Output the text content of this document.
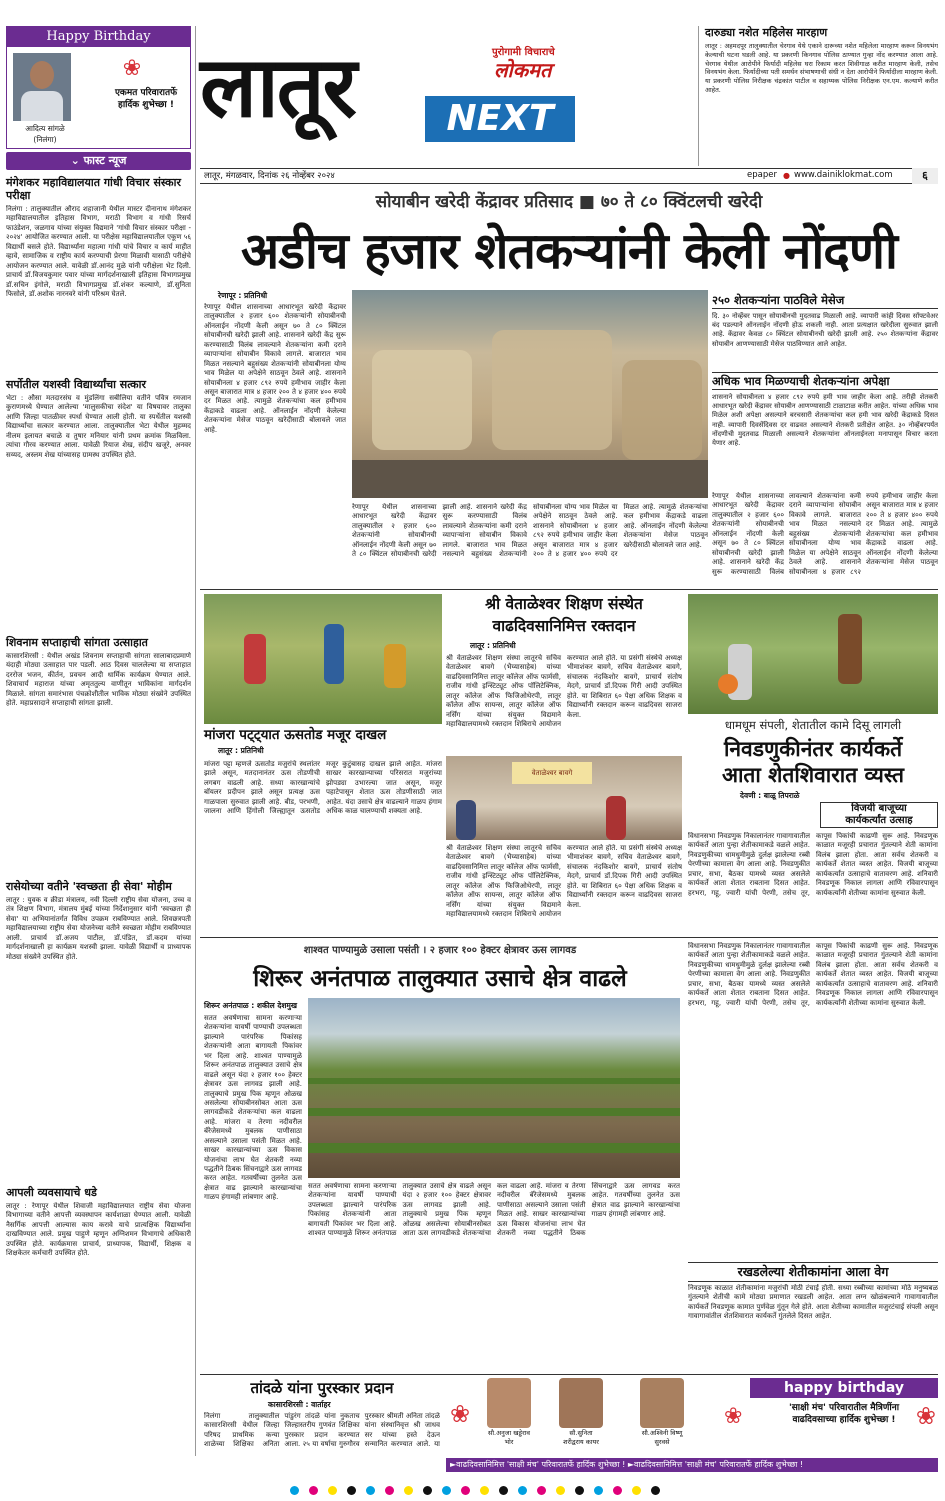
Happy Birthday
❀
एकमत परिवारातर्फे हार्दिक शुभेच्छा !
आदित्य सांगळे
(निलंगा)
⌄ फास्ट न्यूज
मंगेशकर महाविद्यालयात गांधी विचार संस्कार परीक्षा
निलंगा : तालुक्यातील औराद शहाजानी येथील मास्टर दीनानाथ मंगेशकर महाविद्यालयातील इतिहास विभाग, मराठी विभाग व गांधी रिसर्च फाउंडेशन, जळगाव यांच्या संयुक्त विद्यमाने 'गांधी विचार संस्कार परीक्षा - २०२४' आयोजित करण्यात आली. या परीक्षेस महाविद्यालयातील एकूण ५६ विद्यार्थी बसले होते. विद्यार्थ्यांना महात्मा गांधी यांचे विचार व कार्य माहीत व्हावे, सामाजिक व राष्ट्रीय कार्य करण्याची प्रेरणा मिळावी यासाठी परीक्षेचे आयोजन करण्यात आले. यावेळी डॉ.आनंद मुळे यांनी परीक्षेला भेट दिली. प्राचार्य डॉ.विजयकुमार पवार यांच्या मार्गदर्शनाखाली इतिहास विभागप्रमुख डॉ.सचिन इंगोले, मराठी विभागप्रमुख डॉ.शंकर कल्याणे, डॉ.सुनिता फिसोले, डॉ.अशोक नारनवरे यांनी परिश्रम घेतले.
सर्पोतील यशस्वी विद्यार्थ्यांचा सत्कार
भेटा : औसा मतदारसंघ व मुंडलिंगा सबीलिया वतीने पवित्र रमजान कुराणमध्ये घेण्यात आलेल्या 'मालुसकीचा संदेश' या विषयावर तालुका आणि जिल्हा पातळीवर स्पर्धा घेण्यात आली होती. या स्पर्धेतील यशस्वी विद्यार्थ्यांचा सत्कार करण्यात आला. तालुक्यातील भेटा येथील मुहम्मद नीलम इलायत बचाळे व तुषार मनियार यांनी प्रथम क्रमांक मिळविला. त्यांचा गौरव करण्यात आला. यावेळी रियाज शेख, संदीप खजूरे, अनवर सय्यद, अस्लम शेख यांच्यासह ग्रामस्थ उपस्थित होते.
शिवनाम सप्ताहाची सांगता उत्साहात
कासारशिरसी : येथील अखंड शिवनाम सप्ताहाची सांगता सालाबादप्रमाणे यंदाही मोठ्या उत्साहात पार पडली. आठ दिवस चाललेल्या या सप्ताहात दररोज भजन, कीर्तन, प्रवचन आदी धार्मिक कार्यक्रम घेण्यात आले. शिवाचार्य महाराज यांच्या अमृततुल्य वाणीतून भाविकांना मार्गदर्शन मिळाले. सांगता समारंभास पंचक्रोशीतील भाविक मोठ्या संख्येने उपस्थित होते. महाप्रसादाने सप्ताहाची सांगता झाली.
रासेयोच्या वतीने 'स्वच्छता ही सेवा' मोहीम
लातूर : युवक व क्रीडा मंत्रालय, नवी दिल्ली राष्ट्रीय सेवा योजना, उच्च व तंत्र शिक्षण विभाग, मंत्रालय मुंबई यांच्या निर्देशानुसार यांनी 'स्वच्छता ही सेवा' या अभियानांतर्गत विविध उपक्रम राबविण्यात आले. शिवछत्रपती महाविद्यालयाच्या राष्ट्रीय सेवा योजनेच्या वतीने स्वच्छता मोहीम राबविण्यात आली. प्राचार्य डॉ.अजय पाटील, डॉ.पंडित, डॉ.कदम यांच्या मार्गदर्शनाखाली हा कार्यक्रम यशस्वी झाला. यावेळी विद्यार्थी व प्राध्यापक मोठ्या संख्येने उपस्थित होते.
आपली व्यवसायाचे धडे
लातूर : रेणापूर येथील शिवाजी महाविद्यालयात राष्ट्रीय सेवा योजना विभागाच्या वतीने आपत्ती व्यवस्थापन कार्यशाळा घेण्यात आली. यावेळी नैसर्गिक आपत्ती आल्यास काय करावे याचे प्रात्यक्षिक विद्यार्थ्यांना दाखविण्यात आले. प्रमुख पाहुणे म्हणून अग्निशमन विभागाचे अधिकारी उपस्थित होते. कार्यक्रमास प्राचार्य, प्राध्यापक, विद्यार्थी, शिक्षक व शिक्षकेतर कर्मचारी उपस्थित होते.
लातूर	पुरोगामी विचाराचे
लोकमत
NEXT
दारुड्या नशेत महिलेस मारहाण
लातूर : अहमदपूर तालुक्यातील चेरगाव येथे एकाने दारूच्या नशेत महिलेला मारहाण करून विनयभंग केल्याची घटना घडली आहे. या प्रकरणी किनगाव पोलिस ठाण्यात गुन्हा नोंद करण्यात आला आहे. चेरगाव येथील आरोपीने फिर्यादी महिलेस घरा रिकाम करत शिवीगाळ करीत मारहाण केली, तसेच विनयभंग केला. फिर्यादीच्या पती समर्थन संभाषणाची संधी न देता आरोपीने फिर्यादीला मारहाण केली. या प्रकरणी पोलिस निरीक्षक चंद्रकांत पाटील व सहाय्यक पोलिस निरीक्षक एन.एम. कल्याणे करीत आहेत.
लातूर, मंगळवार, दिनांक २६ नोव्हेंबर २०२४	epaper ● www.dainiklokmat.com	६
सोयाबीन खरेदी केंद्रावर प्रतिसाद ■ ७० ते ८० क्विंटलची खरेदी
अडीच हजार शेतकऱ्यांनी केली नोंदणी
रेणापूर : प्रतिनिधी
रेणापूर येथील शासनाच्या आधारभूत खरेदी केंद्रावर तालुक्यातील २ हजार ६०० शेतकऱ्यांनी सोयाबीनची ऑनलाईन नोंदणी केली असून ७० ते ८० क्विंटल सोयाबीनची खरेदी झाली आहे. शासनाने खरेदी केंद्र सुरू करण्यासाठी विलंब लावल्याने शेतकऱ्यांना कमी दराने व्यापाऱ्यांना सोयाबीन विकावे लागले. बाजारात भाव मिळत नसल्याने बहुसंख्य शेतकऱ्यांनी सोयाबीनला योग्य भाव मिळेल या अपेक्षेने साठवून ठेवले आहे. शासनाने सोयाबीनला ४ हजार ८९२ रुपये हमीभाव जाहीर केला असून बाजारात मात्र ४ हजार २०० ते ४ हजार ४०० रुपये दर मिळत आहे. त्यामुळे शेतकऱ्यांचा कल हमीभाव केंद्राकडे वाढला आहे. ऑनलाईन नोंदणी केलेल्या शेतकऱ्यांना मेसेज पाठवून खरेदीसाठी बोलावले जात आहे.
रेणापूर येथील शासनाच्या आधारभूत खरेदी केंद्रावर तालुक्यातील २ हजार ६०० शेतकऱ्यांनी सोयाबीनची ऑनलाईन नोंदणी केली असून ७० ते ८० क्विंटल सोयाबीनची खरेदी झाली आहे. शासनाने खरेदी केंद्र सुरू करण्यासाठी विलंब लावल्याने शेतकऱ्यांना कमी दराने व्यापाऱ्यांना सोयाबीन विकावे लागले. बाजारात भाव मिळत नसल्याने बहुसंख्य शेतकऱ्यांनी सोयाबीनला योग्य भाव मिळेल या अपेक्षेने साठवून ठेवले आहे. शासनाने सोयाबीनला ४ हजार ८९२ रुपये हमीभाव जाहीर केला असून बाजारात मात्र ४ हजार २०० ते ४ हजार ४०० रुपये दर मिळत आहे. त्यामुळे शेतकऱ्यांचा कल हमीभाव केंद्राकडे वाढला आहे. ऑनलाईन नोंदणी केलेल्या शेतकऱ्यांना मेसेज पाठवून खरेदीसाठी बोलावले जात आहे.
२५० शेतकऱ्यांना पाठविले मेसेज
दि. ३० नोव्हेंबर पासून सोयाबीनची मुदतवाढ मिळाली आहे. व्यापारी कांही दिवस सॉफ्टवेअर बंद पडल्याने ऑनलाईन नोंदणी होऊ शकली नाही. आता प्रत्यक्षात खरेदीला सुरुवात झाली आहे. केंद्रावर केवळ ८० क्विंटल सोयाबीनची खरेदी झाली आहे. २५० शेतकऱ्यांना केंद्रावर सोयाबीन आणण्यासाठी मेसेज पाठविण्यात आले आहेत.
अधिक भाव मिळण्याची शेतकऱ्यांना अपेक्षा
शासनाने सोयाबीनला ४ हजार ८९२ रुपये हमी भाव जाहीर केला आहे. तरीही शेतकरी आधारभूत खरेदी केंद्रावर सोयाबीन आणण्यासाठी टाळाटाळ करीत आहेत. यांच्या अधिक भाव मिळेल अशी अपेक्षा असल्याने बरचसारी शेतकऱ्यांचा कल हमी भाव खरेदी केंद्राकडे दिसत नाही. व्यापारी दिवसेंदिवस दर वाढवत असल्याने शेतकरी प्रतीक्षेत आहेत. ३० नोव्हेंबरपर्यंत नोंदणीची मुदतवाढ मिळाली असल्याने शेतकऱ्यांना ऑनलाईनला मनापासून विचार करता येणार आहे.
रेणापूर येथील शासनाच्या आधारभूत खरेदी केंद्रावर तालुक्यातील २ हजार ६०० शेतकऱ्यांनी सोयाबीनची ऑनलाईन नोंदणी केली असून ७० ते ८० क्विंटल सोयाबीनची खरेदी झाली आहे. शासनाने खरेदी केंद्र सुरू करण्यासाठी विलंब लावल्याने शेतकऱ्यांना कमी दराने व्यापाऱ्यांना सोयाबीन विकावे लागले. बाजारात भाव मिळत नसल्याने बहुसंख्य शेतकऱ्यांनी सोयाबीनला योग्य भाव मिळेल या अपेक्षेने साठवून ठेवले आहे. शासनाने सोयाबीनला ४ हजार ८९२ रुपये हमीभाव जाहीर केला असून बाजारात मात्र ४ हजार २०० ते ४ हजार ४०० रुपये दर मिळत आहे. त्यामुळे शेतकऱ्यांचा कल हमीभाव केंद्राकडे वाढला आहे. ऑनलाईन नोंदणी केलेल्या शेतकऱ्यांना मेसेज पाठवून
मांजरा पट्ट्यात ऊसतोड मजूर दाखल
लातूर : प्रतिनिधी
मांजरा पट्टा म्हणजे ऊसतोड मजुरांचे स्थलांतर झाले असून, मतदानानंतर ऊस तोडणीची लगबग वाढली आहे. सध्या कारखान्यांचे बॉयलर प्रदीपन झाले असून प्रत्यक्ष ऊस गाळपाला सुरुवात झाली आहे. बीड, परभणी, जालना आणि हिंगोली जिल्ह्यातून ऊसतोड मजूर कुटुंबासह दाखल झाले आहेत. मांजरा साखर कारखान्याच्या परिसरात मजुरांच्या झोपड्या उभारल्या जात असून, मजूर पहाटेपासून शेतात ऊस तोडणीसाठी जात आहेत. यंदा उसाचे क्षेत्र वाढल्याने गाळप हंगाम अधिक काळ चालण्याची शक्यता आहे.
श्री वेताळेश्वर शिक्षण संस्थेत
वाढदिवसानिमित्त रक्तदान
लातूर : प्रतिनिधी
श्री वेताळेश्वर शिक्षण संस्था लातूरचे सचिव वेताळेश्वर बावगे (भैय्यासाहेब) यांच्या वाढदिवसानिमित्त लातूर कॉलेज ऑफ फार्मसी, राजीव गांधी इन्स्टिट्यूट ऑफ पॉलिटेक्निक, लातूर कॉलेज ऑफ फिजिओथेरपी, लातूर कॉलेज ऑफ सायन्स, लातूर कॉलेज ऑफ नर्सिंग यांच्या संयुक्त विद्यमाने महाविद्यालयामध्ये रक्तदान शिबिराचे आयोजन करण्यात आले होते. या प्रसंगी संस्थेचे अध्यक्ष भीमाशंकर बावगे, सचिव वेताळेश्वर बावगे, संचालक नंदकिशोर बावगे, प्राचार्य संतोष मेदगे, प्राचार्य डॉ.दिपक गिरी आदी उपस्थित होते. या शिबिरात ६० पेक्षा अधिक शिक्षक व विद्यार्थ्यांनी रक्तदान करून वाढदिवस साजरा केला.
वेताळेश्वर बावगे
श्री वेताळेश्वर शिक्षण संस्था लातूरचे सचिव वेताळेश्वर बावगे (भैय्यासाहेब) यांच्या वाढदिवसानिमित्त लातूर कॉलेज ऑफ फार्मसी, राजीव गांधी इन्स्टिट्यूट ऑफ पॉलिटेक्निक, लातूर कॉलेज ऑफ फिजिओथेरपी, लातूर कॉलेज ऑफ सायन्स, लातूर कॉलेज ऑफ नर्सिंग यांच्या संयुक्त विद्यमाने महाविद्यालयामध्ये रक्तदान शिबिराचे आयोजन करण्यात आले होते. या प्रसंगी संस्थेचे अध्यक्ष भीमाशंकर बावगे, सचिव वेताळेश्वर बावगे, संचालक नंदकिशोर बावगे, प्राचार्य संतोष मेदगे, प्राचार्य डॉ.दिपक गिरी आदी उपस्थित होते. या शिबिरात ६० पेक्षा अधिक शिक्षक व विद्यार्थ्यांनी रक्तदान करून वाढदिवस साजरा केला.
धामधूम संपली, शेतातील कामे दिसू लागली
निवडणुकीनंतर कार्यकर्ते
आता शेतशिवारात व्यस्त
देवणी : बाळू तिपराळे
विजयी बाजूच्या
कार्यकर्त्यांत उत्साह
विधानसभा निवडणुक निकालानंतर गावागावातील कार्यकर्ते आता पुन्हा शेतीकामाकडे वळले आहेत. निवडणुकीच्या धामधुमीमुळे दुर्लक्ष झालेल्या रब्बी पेरणीच्या कामाला वेग आला आहे. निवडणुकीत प्रचार, सभा, बैठका यामध्ये व्यस्त असलेले कार्यकर्ते आता शेतात राबताना दिसत आहेत. हरभरा, गहू, ज्वारी यांची पेरणी, तसेच तूर, कापूस पिकांची काढणी सुरू आहे. निवडणूक काळात मजूरही प्रचारात गुंतल्याने शेती कामांना विलंब झाला होता. आता सर्वच शेतकरी व कार्यकर्ते शेतात व्यस्त आहेत. विजयी बाजूच्या कार्यकर्त्यांत उत्साहाचे वातावरण आहे. शनिवारी निवडणूक निकाल लागला आणि रविवारपासून कार्यकर्त्यांनी शेतीच्या कामांना सुरुवात केली.
शाश्वत पाण्यामुळे उसाला पसंती । २ हजार १०० हेक्टर क्षेत्रावर ऊस लागवड
शिरूर अनंतपाळ तालुक्यात उसाचे क्षेत्र वाढले
शिरूर अनंतपाळ : शकील देशमुख
सतत अवर्षणाचा सामना करणाऱ्या शेतकऱ्यांना यावर्षी पाण्याची उपलब्धता झाल्याने पारंपरिक पिकांसह शेतकऱ्यांनी आता बागायती पिकांवर भर दिला आहे. शाश्वत पाण्यामुळे शिरूर अनंतपाळ तालुक्यात उसाचे क्षेत्र वाढले असून यंदा २ हजार १०० हेक्टर क्षेत्रावर ऊस लागवड झाली आहे. तालुक्याचे प्रमुख पिक म्हणून ओळख असलेल्या सोयाबीनसोबत आता ऊस लागवडीकडे शेतकऱ्यांचा कल वाढला आहे. मांजरा व तेरणा नदीवरील बॅरेजेसमध्ये मुबलक पाणीसाठा असल्याने उसाला पसंती मिळत आहे. साखर कारखान्यांच्या ऊस विकास योजनांचा लाभ घेत शेतकरी नव्या पद्धतीने ठिबक सिंचनाद्वारे ऊस लागवड करत आहेत. गतवर्षीच्या तुलनेत ऊस क्षेत्रात वाढ झाल्याने कारखान्यांचा गाळप हंगामही लांबणार आहे.
सतत अवर्षणाचा सामना करणाऱ्या शेतकऱ्यांना यावर्षी पाण्याची उपलब्धता झाल्याने पारंपरिक पिकांसह शेतकऱ्यांनी आता बागायती पिकांवर भर दिला आहे. शाश्वत पाण्यामुळे शिरूर अनंतपाळ तालुक्यात उसाचे क्षेत्र वाढले असून यंदा २ हजार १०० हेक्टर क्षेत्रावर ऊस लागवड झाली आहे. तालुक्याचे प्रमुख पिक म्हणून ओळख असलेल्या सोयाबीनसोबत आता ऊस लागवडीकडे शेतकऱ्यांचा कल वाढला आहे. मांजरा व तेरणा नदीवरील बॅरेजेसमध्ये मुबलक पाणीसाठा असल्याने उसाला पसंती मिळत आहे. साखर कारखान्यांच्या ऊस विकास योजनांचा लाभ घेत शेतकरी नव्या पद्धतीने ठिबक सिंचनाद्वारे ऊस लागवड करत आहेत. गतवर्षीच्या तुलनेत ऊस क्षेत्रात वाढ झाल्याने कारखान्यांचा गाळप हंगामही लांबणार आहे.
रखडलेल्या शेतीकामांना आला वेग
निवडणूक काळात शेतीकामांना मजुरांची मोठी टंचाई होती. सध्या रब्बीच्या कामांच्या मोठे मनुष्यबळ गुंतल्याने शेतीची कामे मोठ्या प्रमाणात रखडली आहेत. आता लग्न खोळंबल्याने गावागावातील कार्यकर्ते निवडणूक कामात पुर्णवेळ गुंतून गेले होते. आता शेतीच्या कामातील मजुरटंचाई संपली असून गावागावांतील शेतशिवारात कार्यकर्ते गुंतलेले दिसत आहेत.
विधानसभा निवडणुक निकालानंतर गावागावातील कार्यकर्ते आता पुन्हा शेतीकामाकडे वळले आहेत. निवडणुकीच्या धामधुमीमुळे दुर्लक्ष झालेल्या रब्बी पेरणीच्या कामाला वेग आला आहे. निवडणुकीत प्रचार, सभा, बैठका यामध्ये व्यस्त असलेले कार्यकर्ते आता शेतात राबताना दिसत आहेत. हरभरा, गहू, ज्वारी यांची पेरणी, तसेच तूर, कापूस पिकांची काढणी सुरू आहे. निवडणूक काळात मजूरही प्रचारात गुंतल्याने शेती कामांना विलंब झाला होता. आता सर्वच शेतकरी व कार्यकर्ते शेतात व्यस्त आहेत. विजयी बाजूच्या कार्यकर्त्यांत उत्साहाचे वातावरण आहे. शनिवारी निवडणूक निकाल लागला आणि रविवारपासून कार्यकर्त्यांनी शेतीच्या कामांना सुरुवात केली.
तांदळे यांना पुरस्कार प्रदान
कासारशिरसी : वार्ताहर
निलंगा तालुक्यातील कासारशिरसी येथील जिल्हा परिषद प्राथमिक कन्या शाळेच्या शिक्षिका अनिता पांडुरंग तांदळे यांना नुकताच जिल्हास्तरीय गुणवंत शिक्षिका पुरस्कार प्रदान करण्यात आला. २५ या वर्षाचा गुरुगौरव पुरस्कार श्रीमती अनिता तांदळे यांना संस्थानिवृत्त श्री जाधव सर यांच्या हस्ते देऊन सन्मानित करण्यात आले. या
happy birthday
'साक्षी मंच' परिवारातील मैत्रिणींना वाढदिवसाच्या हार्दिक शुभेच्छा !
❀	❀
❀
सौ.अनुजा खड्डेराव
भोर
सौ.सुनिता
शरीद्वराय कायर
सौ.अश्विनी विष्णू
सुरवसे
►वाढदिवसानिमित्त 'साक्षी मंच' परिवारातर्फे हार्दिक शुभेच्छा ! ►वाढदिवसानिमित्त 'साक्षी मंच' परिवारातर्फे हार्दिक शुभेच्छा !
